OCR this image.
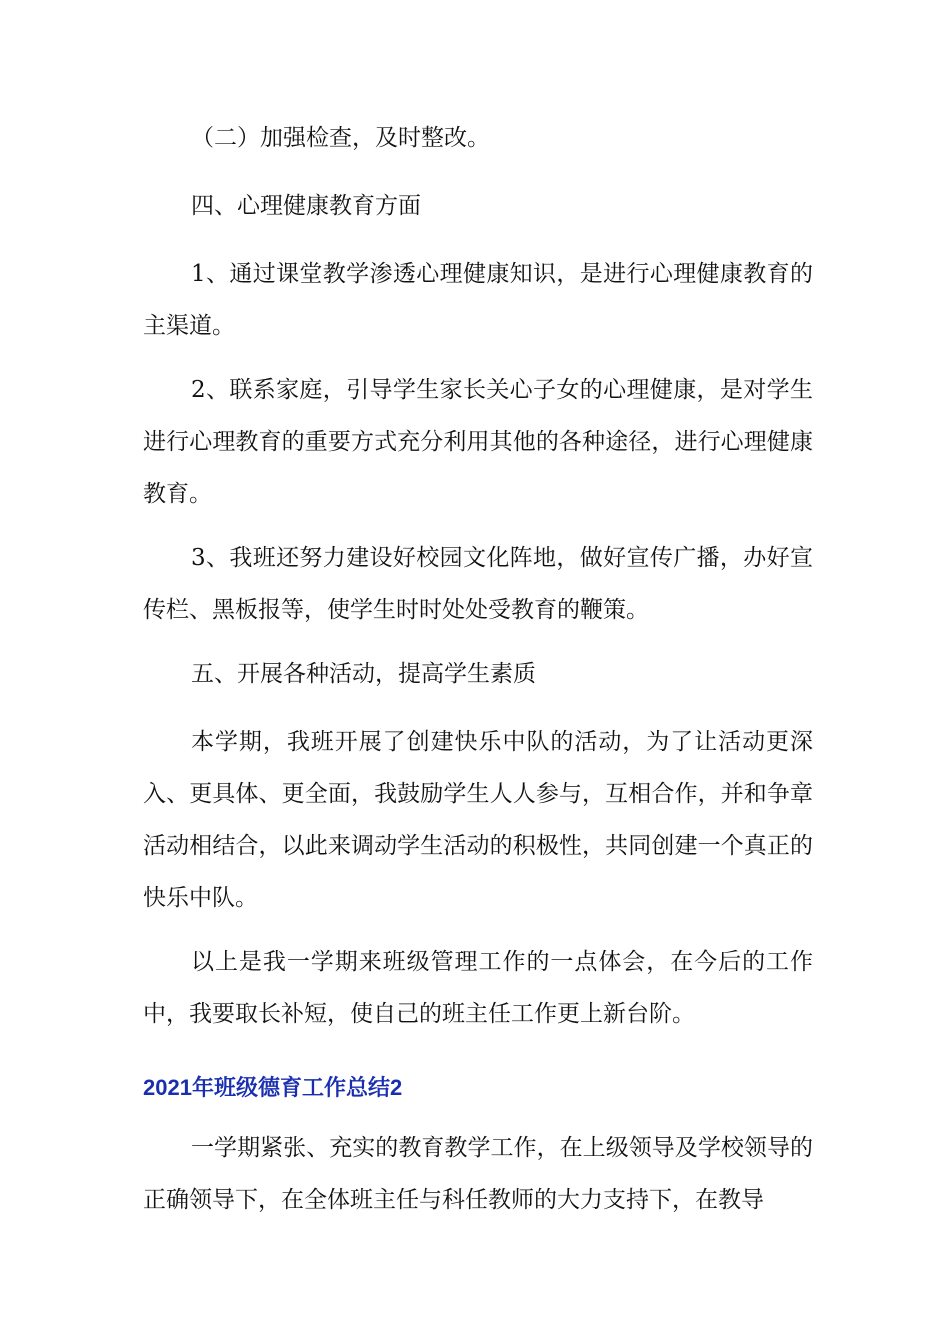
（二）加强检查，及时整改。

四、心理健康教育方面

1、通过课堂教学渗透心理健康知识，是进行心理健康教育的主渠道。

2、联系家庭，引导学生家长关心子女的心理健康，是对学生进行心理教育的重要方式充分利用其他的各种途径，进行心理健康教育。

3、我班还努力建设好校园文化阵地，做好宣传广播，办好宣传栏、黑板报等，使学生时时处处受教育的鞭策。

五、开展各种活动，提高学生素质

本学期，我班开展了创建快乐中队的活动，为了让活动更深入、更具体、更全面，我鼓励学生人人参与，互相合作，并和争章活动相结合，以此来调动学生活动的积极性，共同创建一个真正的快乐中队。

以上是我一学期来班级管理工作的一点体会，在今后的工作中，我要取长补短，使自己的班主任工作更上新台阶。

2021年班级德育工作总结2

一学期紧张、充实的教育教学工作，在上级领导及学校领导的正确领导下，在全体班主任与科任教师的大力支持下，在教导
